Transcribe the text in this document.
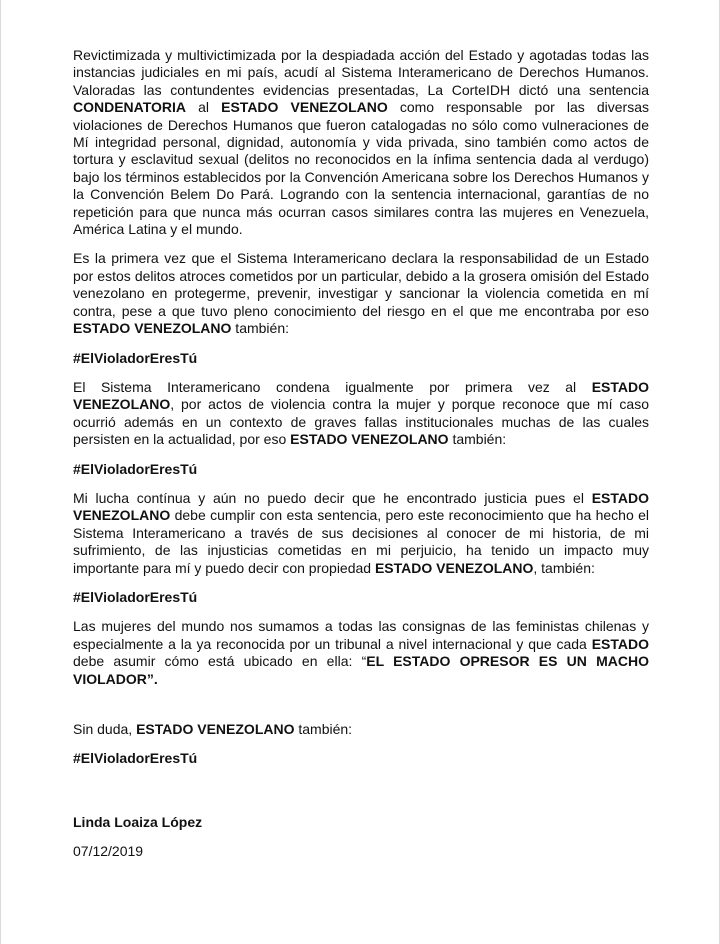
Revictimizada y multivictimizada por la despiadada acción del Estado y agotadas todas las instancias judiciales en mi país, acudí al Sistema Interamericano de Derechos Humanos. Valoradas las contundentes evidencias presentadas, La CorteIDH dictó una sentencia CONDENATORIA al ESTADO VENEZOLANO como responsable por las diversas violaciones de Derechos Humanos que fueron catalogadas no sólo como vulneraciones de Mí integridad personal, dignidad, autonomía y vida privada, sino también como actos de tortura y esclavitud sexual (delitos no reconocidos en la ínfima sentencia dada al verdugo) bajo los términos establecidos por la Convención Americana sobre los Derechos Humanos y la Convención Belem Do Pará. Logrando con la sentencia internacional, garantías de no repetición para que nunca más ocurran casos similares contra las mujeres en Venezuela, América Latina y el mundo.

Es la primera vez que el Sistema Interamericano declara la responsabilidad de un Estado por estos delitos atroces cometidos por un particular, debido a la grosera omisión del Estado venezolano en protegerme, prevenir, investigar y sancionar la violencia cometida en mí contra, pese a que tuvo pleno conocimiento del riesgo en el que me encontraba por eso ESTADO VENEZOLANO también:

#ElVioladorEresTú

El Sistema Interamericano condena igualmente por primera vez al ESTADO VENEZOLANO, por actos de violencia contra la mujer y porque reconoce que mí caso ocurrió además en un contexto de graves fallas institucionales muchas de las cuales persisten en la actualidad, por eso ESTADO VENEZOLANO también:

#ElVioladorEresTú

Mi lucha contínua y aún no puedo decir que he encontrado justicia pues el ESTADO VENEZOLANO debe cumplir con esta sentencia, pero este reconocimiento que ha hecho el Sistema Interamericano a través de sus decisiones al conocer de mi historia, de mi sufrimiento, de las injusticias cometidas en mi perjuicio, ha tenido un impacto muy importante para mí y puedo decir con propiedad ESTADO VENEZOLANO, también:

#ElVioladorEresTú

Las mujeres del mundo nos sumamos a todas las consignas de las feministas chilenas y especialmente a la ya reconocida por un tribunal a nivel internacional y que cada ESTADO debe asumir cómo está ubicado en ella: “EL ESTADO OPRESOR ES UN MACHO VIOLADOR”.

Sin duda, ESTADO VENEZOLANO también:

#ElVioladorEresTú

Linda Loaiza López

07/12/2019
